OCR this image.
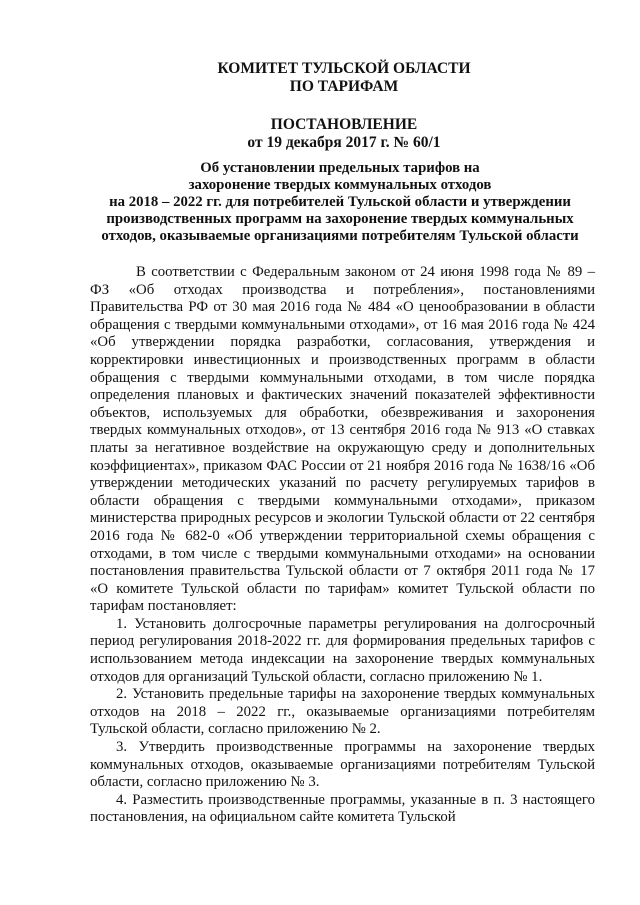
КОМИТЕТ ТУЛЬСКОЙ ОБЛАСТИ

ПО ТАРИФАМ

ПОСТАНОВЛЕНИЕ

от 19 декабря 2017 г. № 60/1

Об установлении предельных тарифов на
захоронение твердых коммунальных отходов
на 2018 – 2022 гг. для потребителей Тульской области и утверждении
производственных программ на захоронение твердых коммунальных
отходов, оказываемые организациями потребителям Тульской области

В соответствии с Федеральным законом от 24 июня 1998 года № 89 – ФЗ «Об отходах производства и потребления», постановлениями Правительства РФ от 30 мая 2016 года № 484 «О ценообразовании в области обращения с твердыми коммунальными отходами», от 16 мая 2016 года № 424 «Об утверждении порядка разработки, согласования, утверждения и корректировки инвестиционных и производственных программ в области обращения с твердыми коммунальными отходами, в том числе порядка определения плановых и фактических значений показателей эффективности объектов, используемых для обработки, обезвреживания и захоронения твердых коммунальных отходов», от 13 сентября 2016 года № 913 «О ставках платы за негативное воздействие на окружающую среду и дополнительных коэффициентах», приказом ФАС России от 21 ноября 2016 года № 1638/16 «Об утверждении методических указаний по расчету регулируемых тарифов в области обращения с твердыми коммунальными отходами», приказом министерства природных ресурсов и экологии Тульской области от 22 сентября 2016 года № 682-0 «Об утверждении территориальной схемы обращения с отходами, в том числе с твердыми коммунальными отходами» на основании постановления правительства Тульской области от 7 октября 2011 года № 17 «О комитете Тульской области по тарифам» комитет Тульской области по тарифам постановляет:

1. Установить долгосрочные параметры регулирования на долгосрочный период регулирования 2018-2022 гг. для формирования предельных тарифов с использованием метода индексации на захоронение твердых коммунальных отходов для организаций Тульской области, согласно приложению № 1.

2. Установить предельные тарифы на захоронение твердых коммунальных отходов на 2018 – 2022 гг., оказываемые организациями потребителям Тульской области, согласно приложению № 2.

3. Утвердить производственные программы на захоронение твердых коммунальных отходов, оказываемые организациями потребителям Тульской области, согласно приложению № 3.

4. Разместить производственные программы, указанные в п. 3 настоящего постановления, на официальном сайте комитета Тульской
